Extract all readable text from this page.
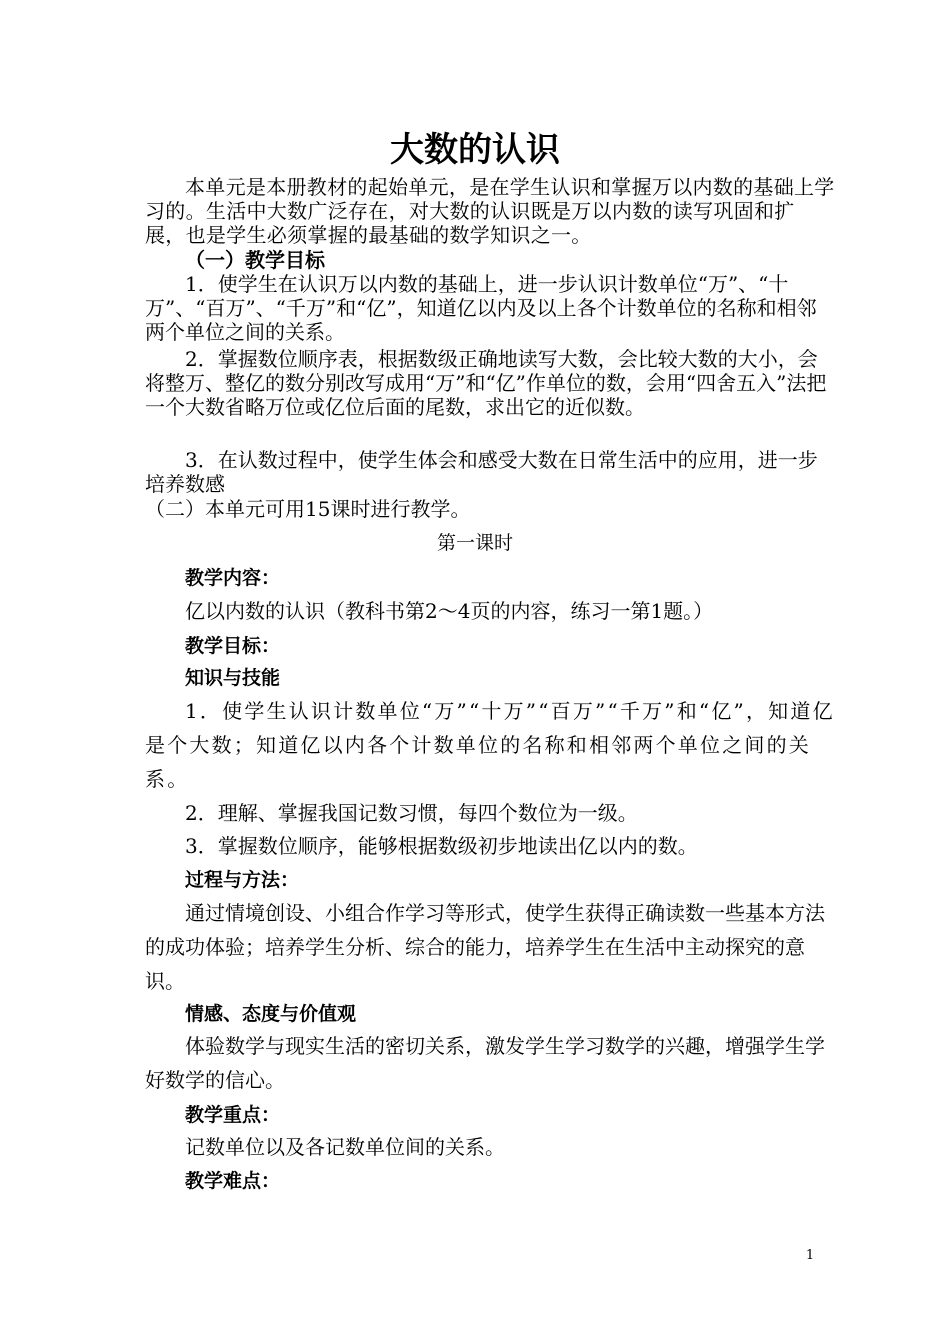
大数的认识
本单元是本册教材的起始单元，是在学生认识和掌握万以内数的基础上学习的。生活中大数广泛存在，对大数的认识既是万以内数的读写巩固和扩展，也是学生必须掌握的最基础的数学知识之一。
（一）教学目标
1．使学生在认识万以内数的基础上，进一步认识计数单位“万”、“十万”、“百万”、“千万”和“亿”，知道亿以内及以上各个计数单位的名称和相邻两个单位之间的关系。
2．掌握数位顺序表，根据数级正确地读写大数，会比较大数的大小，会将整万、整亿的数分别改写成用“万”和“亿”作单位的数，会用“四舍五入”法把一个大数省略万位或亿位后面的尾数，求出它的近似数。
3．在认数过程中，使学生体会和感受大数在日常生活中的应用，进一步培养数感
（二）本单元可用15课时进行教学。
第一课时
教学内容：
亿以内数的认识（教科书第2～4页的内容，练习一第1题。）
教学目标：
知识与技能
1．使学生认识计数单位“万”“十万”“百万”“千万”和“亿”，知道亿是个大数；知道亿以内各个计数单位的名称和相邻两个单位之间的关系。
2．理解、掌握我国记数习惯，每四个数位为一级。
3．掌握数位顺序，能够根据数级初步地读出亿以内的数。
过程与方法：
通过情境创设、小组合作学习等形式，使学生获得正确读数一些基本方法的成功体验；培养学生分析、综合的能力，培养学生在生活中主动探究的意识。
情感、态度与价值观
体验数学与现实生活的密切关系，激发学生学习数学的兴趣，增强学生学好数学的信心。
教学重点：
记数单位以及各记数单位间的关系。
教学难点：
1
